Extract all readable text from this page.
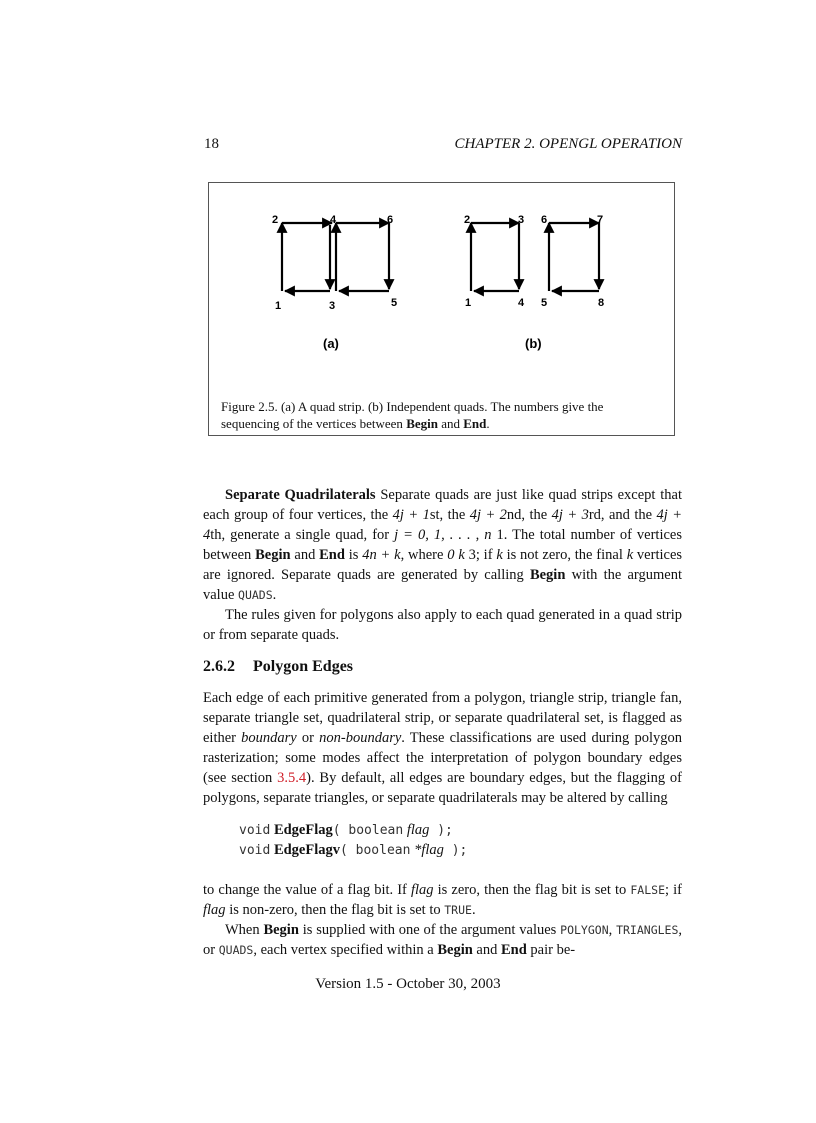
18	CHAPTER 2. OPENGL OPERATION
1
2
3
4
5
6
1
2	3
4 5
6	7
8
(a)	(b)
Figure 2.5. (a) A quad strip. (b) Independent quads. The numbers give the sequencing of the vertices between Begin and End.
Separate Quadrilaterals Separate quads are just like quad strips except that each group of four vertices, the 4j + 1st, the 4j + 2nd, the 4j + 3rd, and the 4j + 4th, generate a single quad, for j = 0, 1, . . . , n 1. The total number of vertices between Begin and End is 4n + k, where 0 k 3; if k is not zero, the final k vertices are ignored. Separate quads are generated by calling Begin with the argument value QUADS.
The rules given for polygons also apply to each quad generated in a quad strip or from separate quads.
2.6.2 Polygon Edges
Each edge of each primitive generated from a polygon, triangle strip, triangle fan, separate triangle set, quadrilateral strip, or separate quadrilateral set, is flagged as either boundary or non-boundary. These classifications are used during polygon rasterization; some modes affect the interpretation of polygon boundary edges (see section 3.5.4). By default, all edges are boundary edges, but the flagging of polygons, separate triangles, or separate quadrilaterals may be altered by calling
void EdgeFlag( boolean flag );
void EdgeFlagv( boolean *flag );
to change the value of a flag bit. If flag is zero, then the flag bit is set to FALSE; if flag is non-zero, then the flag bit is set to TRUE.
When Begin is supplied with one of the argument values POLYGON, TRIANGLES, or QUADS, each vertex specified within a Begin and End pair be-
Version 1.5 - October 30, 2003
